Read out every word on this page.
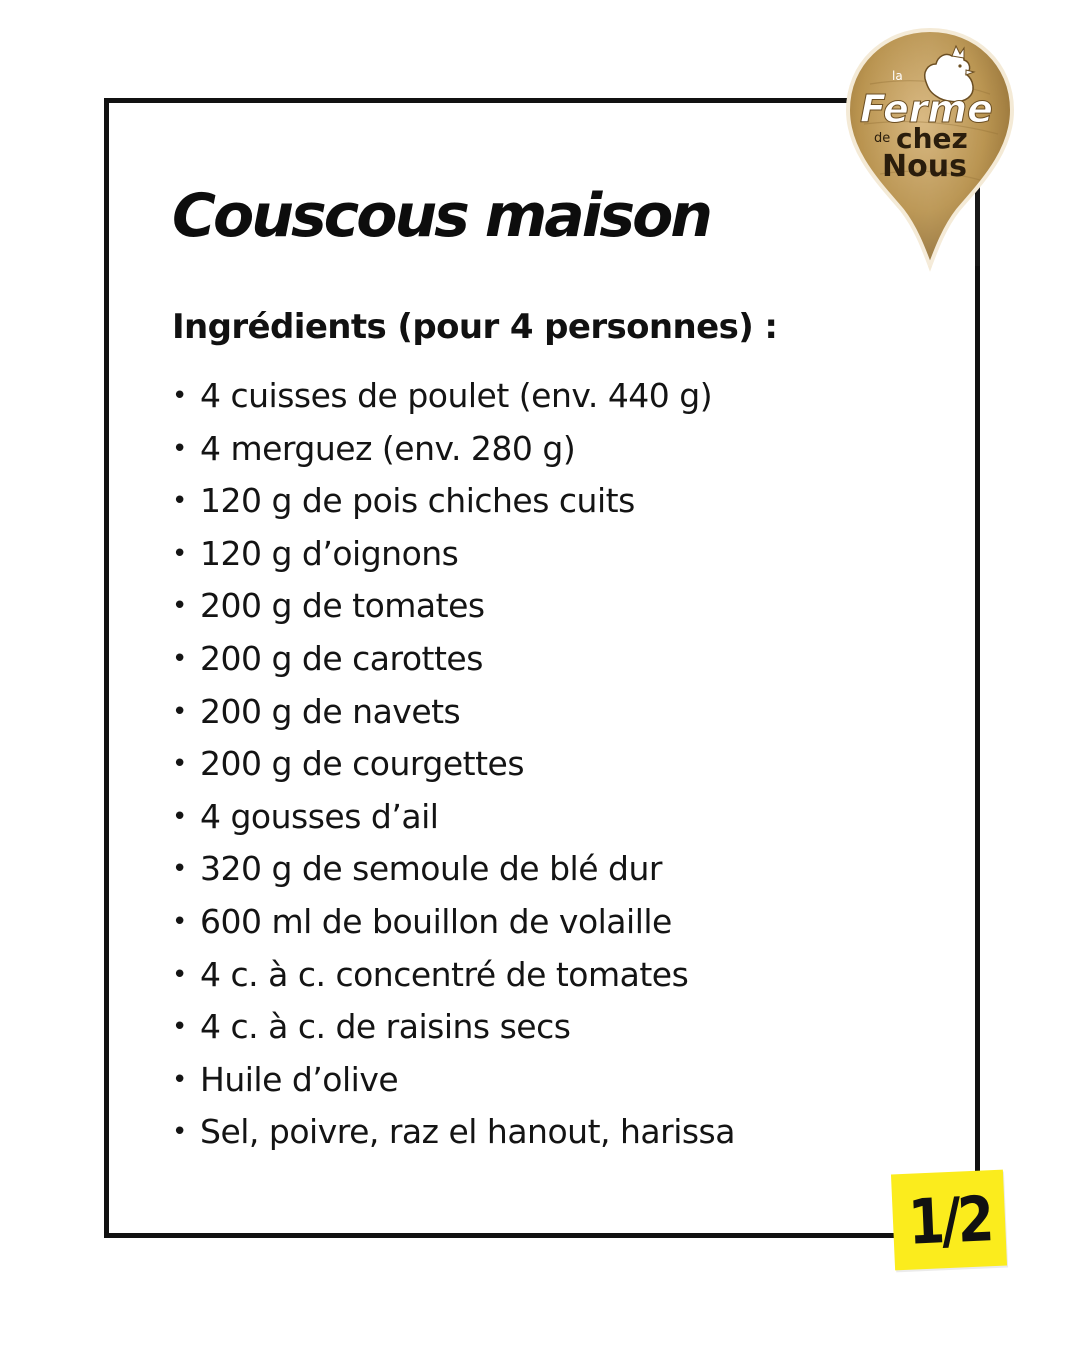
Couscous maison
Ingrédients (pour 4 personnes) :
• 4 cuisses de poulet (env. 440 g)
• 4 merguez (env. 280 g)
• 120 g de pois chiches cuits
• 120 g d’oignons
• 200 g de tomates
• 200 g de carottes
• 200 g de navets
• 200 g de courgettes
• 4 gousses d’ail
• 320 g de semoule de blé dur
• 600 ml de bouillon de volaille
• 4 c. à c. concentré de tomates
• 4 c. à c. de raisins secs
• Huile d’olive
• Sel, poivre, raz el hanout, harissa
la
Ferme
de chez
Nous
1/2
